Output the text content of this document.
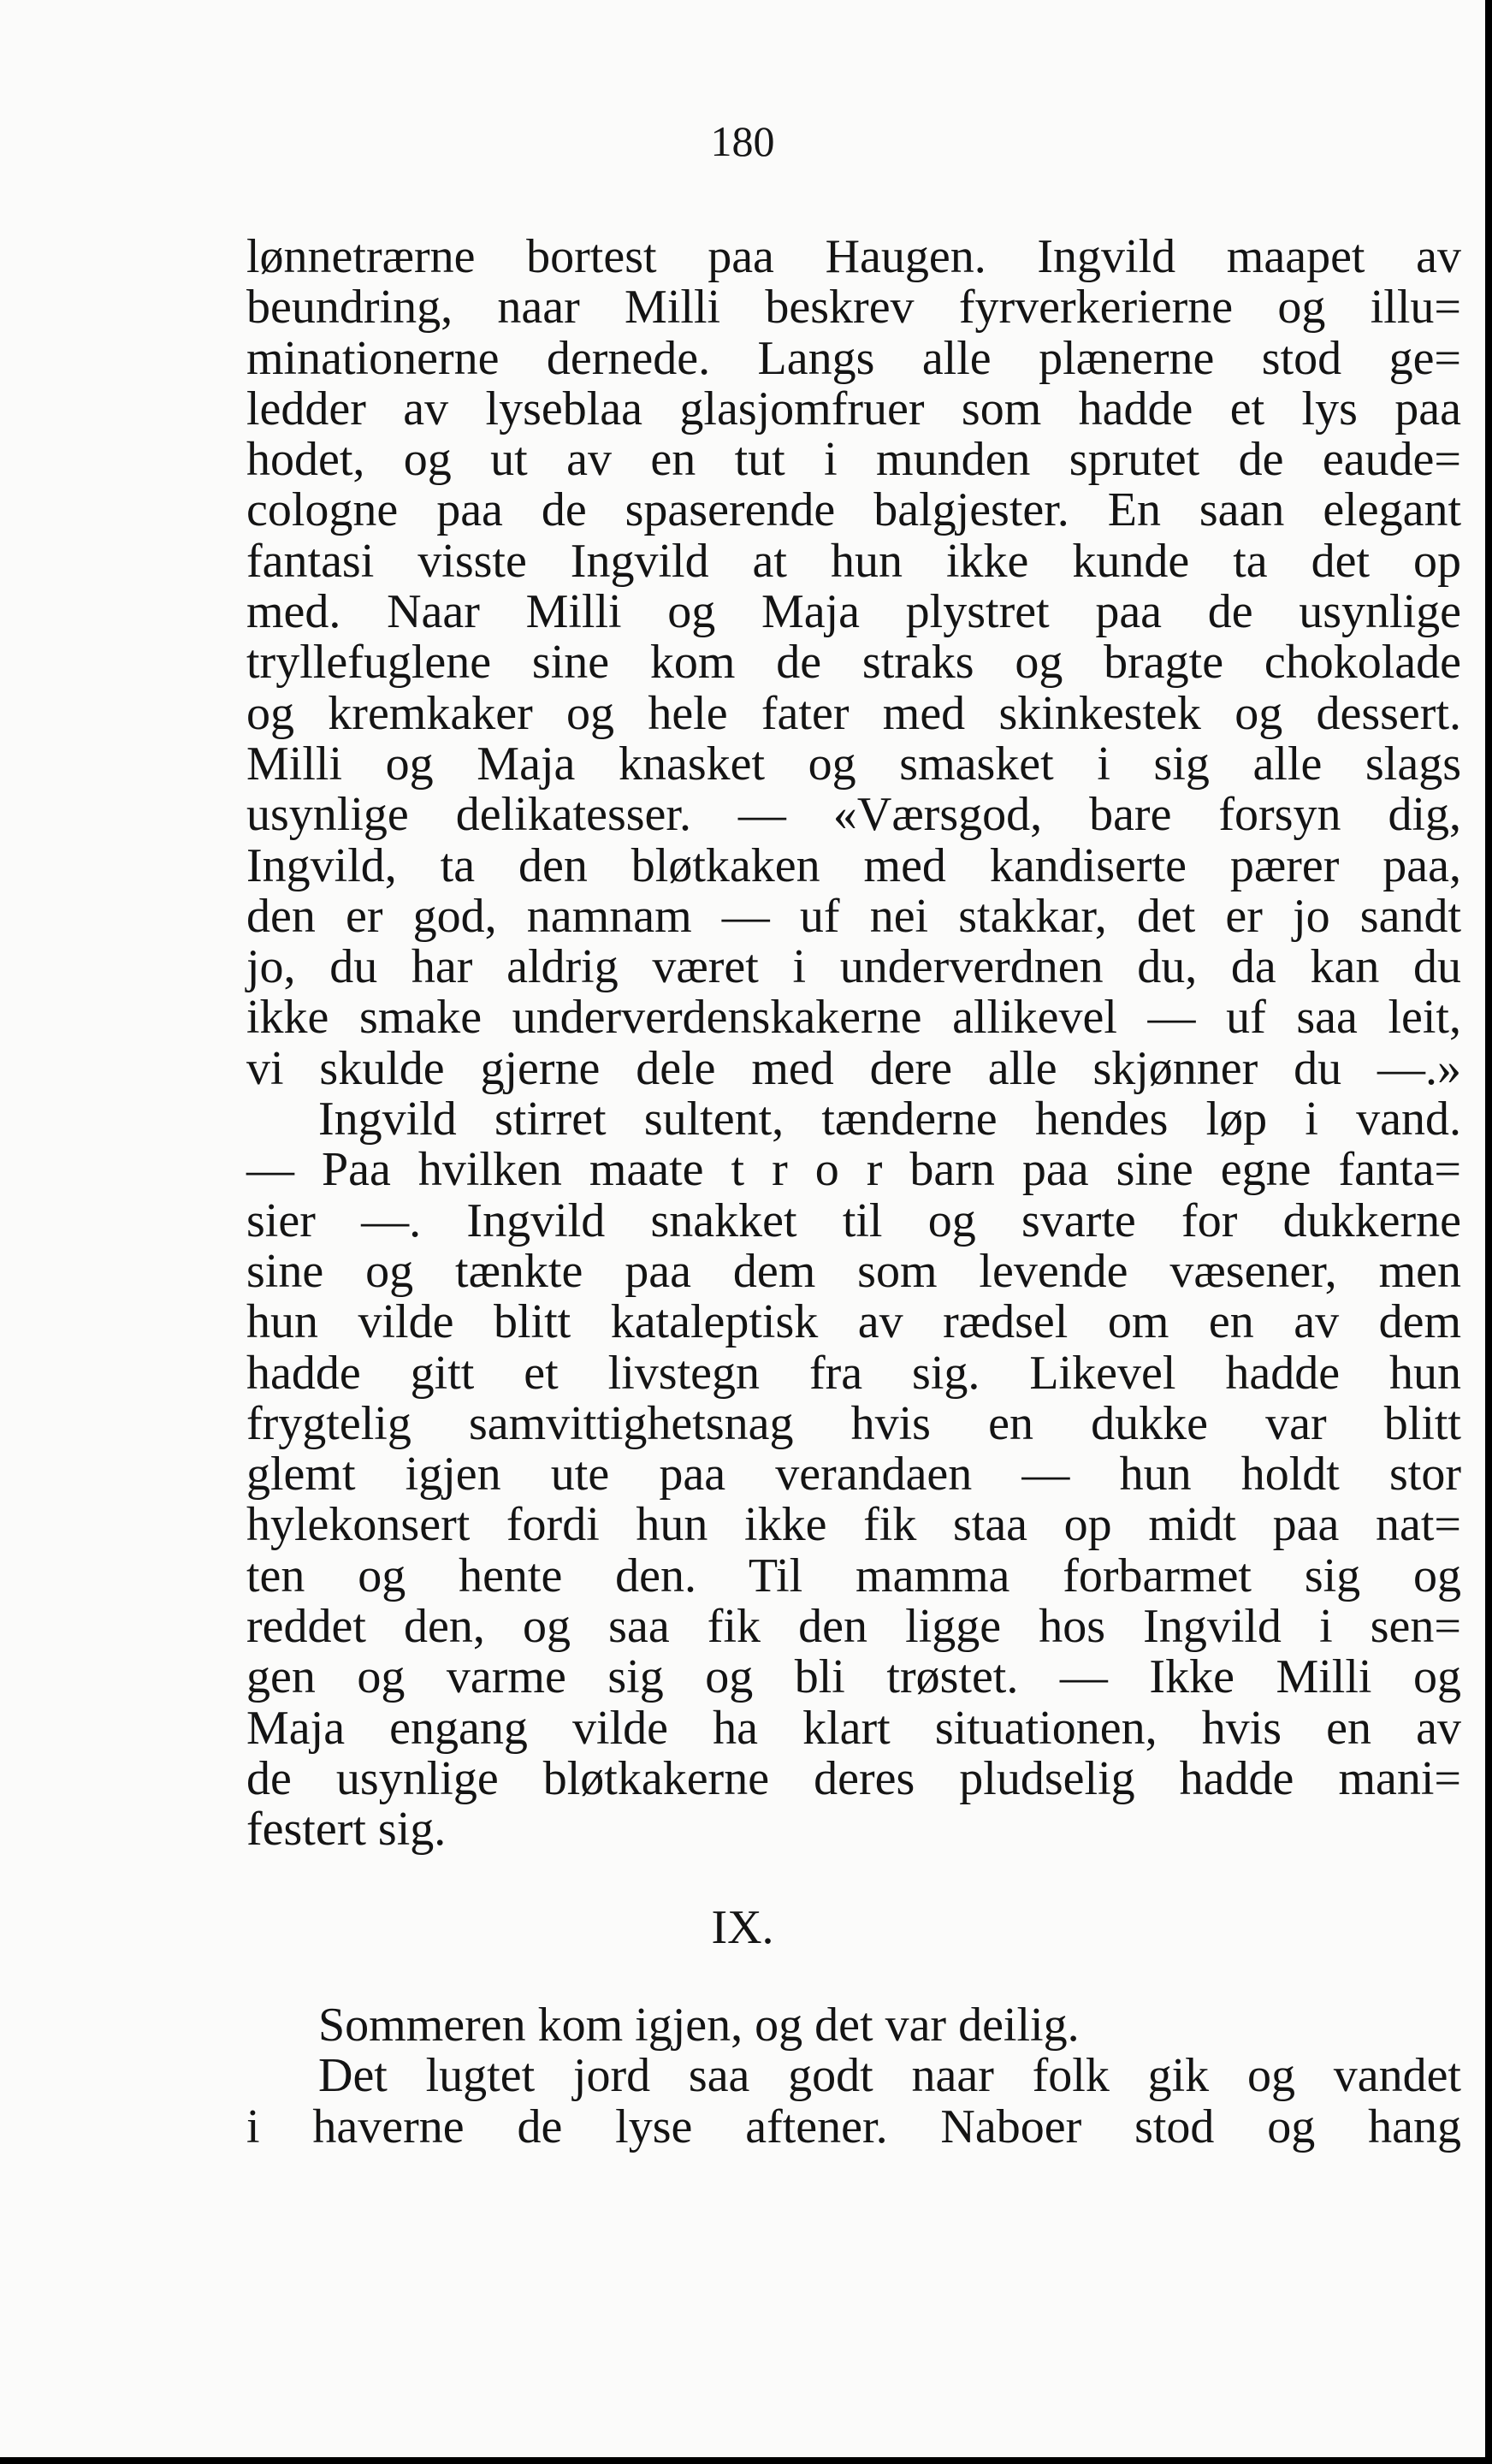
180
lønnetrærne bortest paa Haugen. Ingvild maapet av
beundring, naar Milli beskrev fyrverkerierne og illu=
minationerne dernede. Langs alle plænerne stod ge=
ledder av lyseblaa glasjomfruer som hadde et lys paa
hodet, og ut av en tut i munden sprutet de eaude=
cologne paa de spaserende balgjester. En saan elegant
fantasi visste Ingvild at hun ikke kunde ta det op
med. Naar Milli og Maja plystret paa de usynlige
tryllefuglene sine kom de straks og bragte chokolade
og kremkaker og hele fater med skinkestek og dessert.
Milli og Maja knasket og smasket i sig alle slags
usynlige delikatesser. — «Værsgod, bare forsyn dig,
Ingvild, ta den bløtkaken med kandiserte pærer paa,
den er god, namnam — uf nei stakkar, det er jo sandt
jo, du har aldrig været i underverdnen du, da kan du
ikke smake underverdenskakerne allikevel — uf saa leit,
vi skulde gjerne dele med dere alle skjønner du —.»
Ingvild stirret sultent, tænderne hendes løp i vand.
— Paa hvilken maate t r o r barn paa sine egne fanta=
sier —. Ingvild snakket til og svarte for dukkerne
sine og tænkte paa dem som levende væsener, men
hun vilde blitt kataleptisk av rædsel om en av dem
hadde gitt et livstegn fra sig. Likevel hadde hun
frygtelig samvittighetsnag hvis en dukke var blitt
glemt igjen ute paa verandaen — hun holdt stor
hylekonsert fordi hun ikke fik staa op midt paa nat=
ten og hente den. Til mamma forbarmet sig og
reddet den, og saa fik den ligge hos Ingvild i sen=
gen og varme sig og bli trøstet. — Ikke Milli og
Maja engang vilde ha klart situationen, hvis en av
de usynlige bløtkakerne deres pludselig hadde mani=
festert sig.
IX.
Sommeren kom igjen, og det var deilig.
Det lugtet jord saa godt naar folk gik og vandet
i haverne de lyse aftener. Naboer stod og hang
